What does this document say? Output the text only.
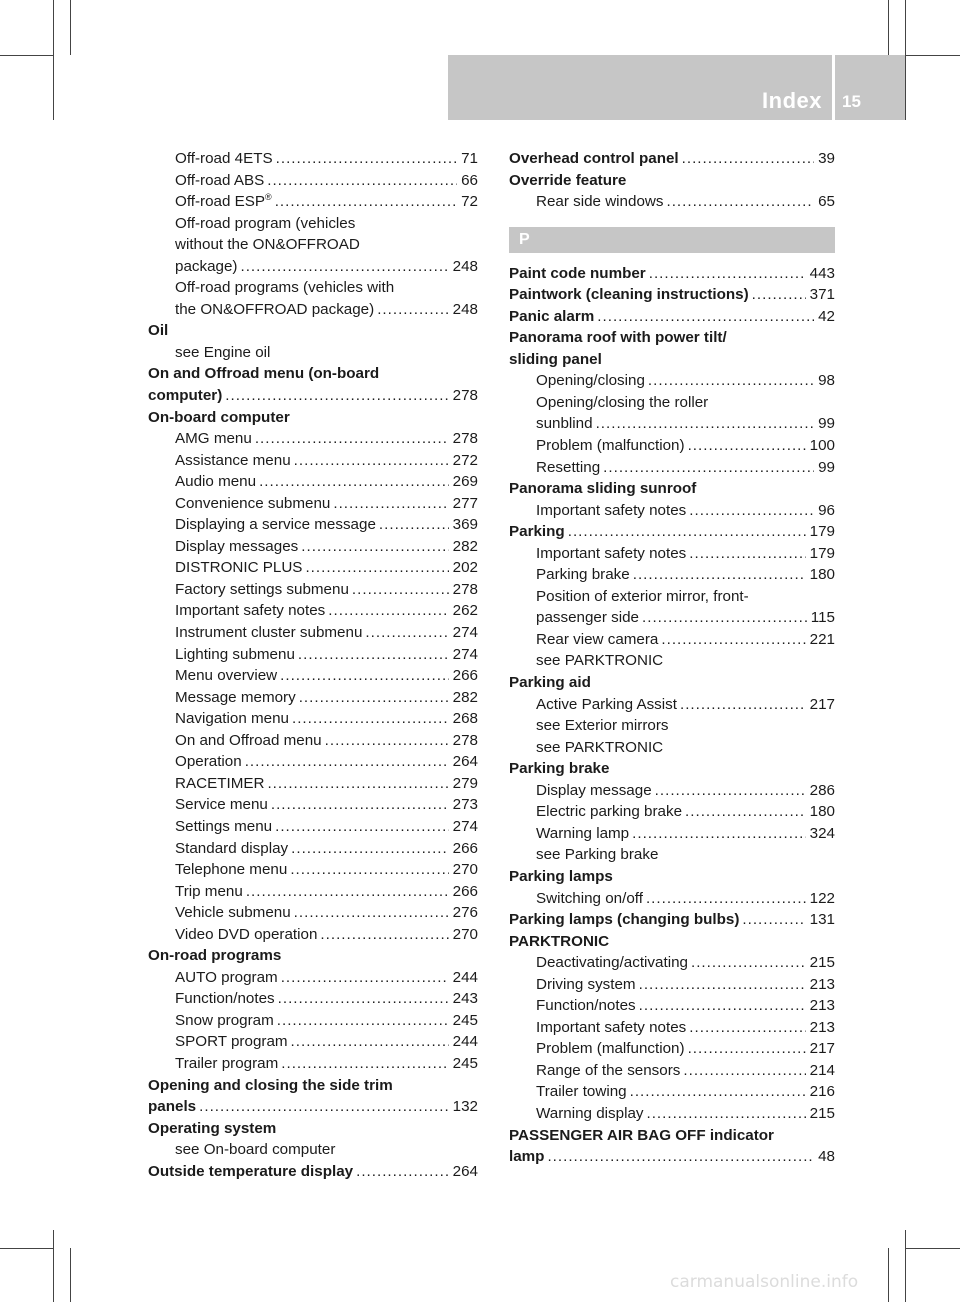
Index 15
Off-road 4ETS .....	71
Off-road ABS .....	66
Off-road ESP® .....	72
Off-road program (vehicles
without the ON&OFFROAD
package) .....	248
Off-road programs (vehicles with
the ON&OFFROAD package) .....	248
Oil
see Engine oil
On and Offroad menu (on-board
computer) .....	278
On-board computer
AMG menu .....	278
Assistance menu .....	272
Audio menu .....	269
Convenience submenu .....	277
Displaying a service message .....	369
Display messages .....	282
DISTRONIC PLUS .....	202
Factory settings submenu .....	278
Important safety notes .....	262
Instrument cluster submenu .....	274
Lighting submenu .....	274
Menu overview .....	266
Message memory .....	282
Navigation menu .....	268
On and Offroad menu .....	278
Operation .....	264
RACETIMER .....	279
Service menu .....	273
Settings menu .....	274
Standard display .....	266
Telephone menu .....	270
Trip menu .....	266
Vehicle submenu .....	276
Video DVD operation .....	270
On-road programs
AUTO program .....	244
Function/notes .....	243
Snow program .....	245
SPORT program .....	244
Trailer program .....	245
Opening and closing the side trim
panels .....	132
Operating system
see On-board computer
Outside temperature display .....	264
Overhead control panel .....	39
Override feature
Rear side windows .....	65
P
Paint code number .....	443
Paintwork (cleaning instructions) .....	371
Panic alarm .....	42
Panorama roof with power tilt/
sliding panel
Opening/closing .....	98
Opening/closing the roller
sunblind .....	99
Problem (malfunction) .....	100
Resetting .....	99
Panorama sliding sunroof
Important safety notes .....	96
Parking .....	179
Important safety notes .....	179
Parking brake .....	180
Position of exterior mirror, front-
passenger side .....	115
Rear view camera .....	221
see PARKTRONIC
Parking aid
Active Parking Assist .....	217
see Exterior mirrors
see PARKTRONIC
Parking brake
Display message .....	286
Electric parking brake .....	180
Warning lamp .....	324
see Parking brake
Parking lamps
Switching on/off .....	122
Parking lamps (changing bulbs) .....	131
PARKTRONIC
Deactivating/activating .....	215
Driving system .....	213
Function/notes .....	213
Important safety notes .....	213
Problem (malfunction) .....	217
Range of the sensors .....	214
Trailer towing .....	216
Warning display .....	215
PASSENGER AIR BAG OFF indicator
lamp .....	48
carmanualsonline.info
